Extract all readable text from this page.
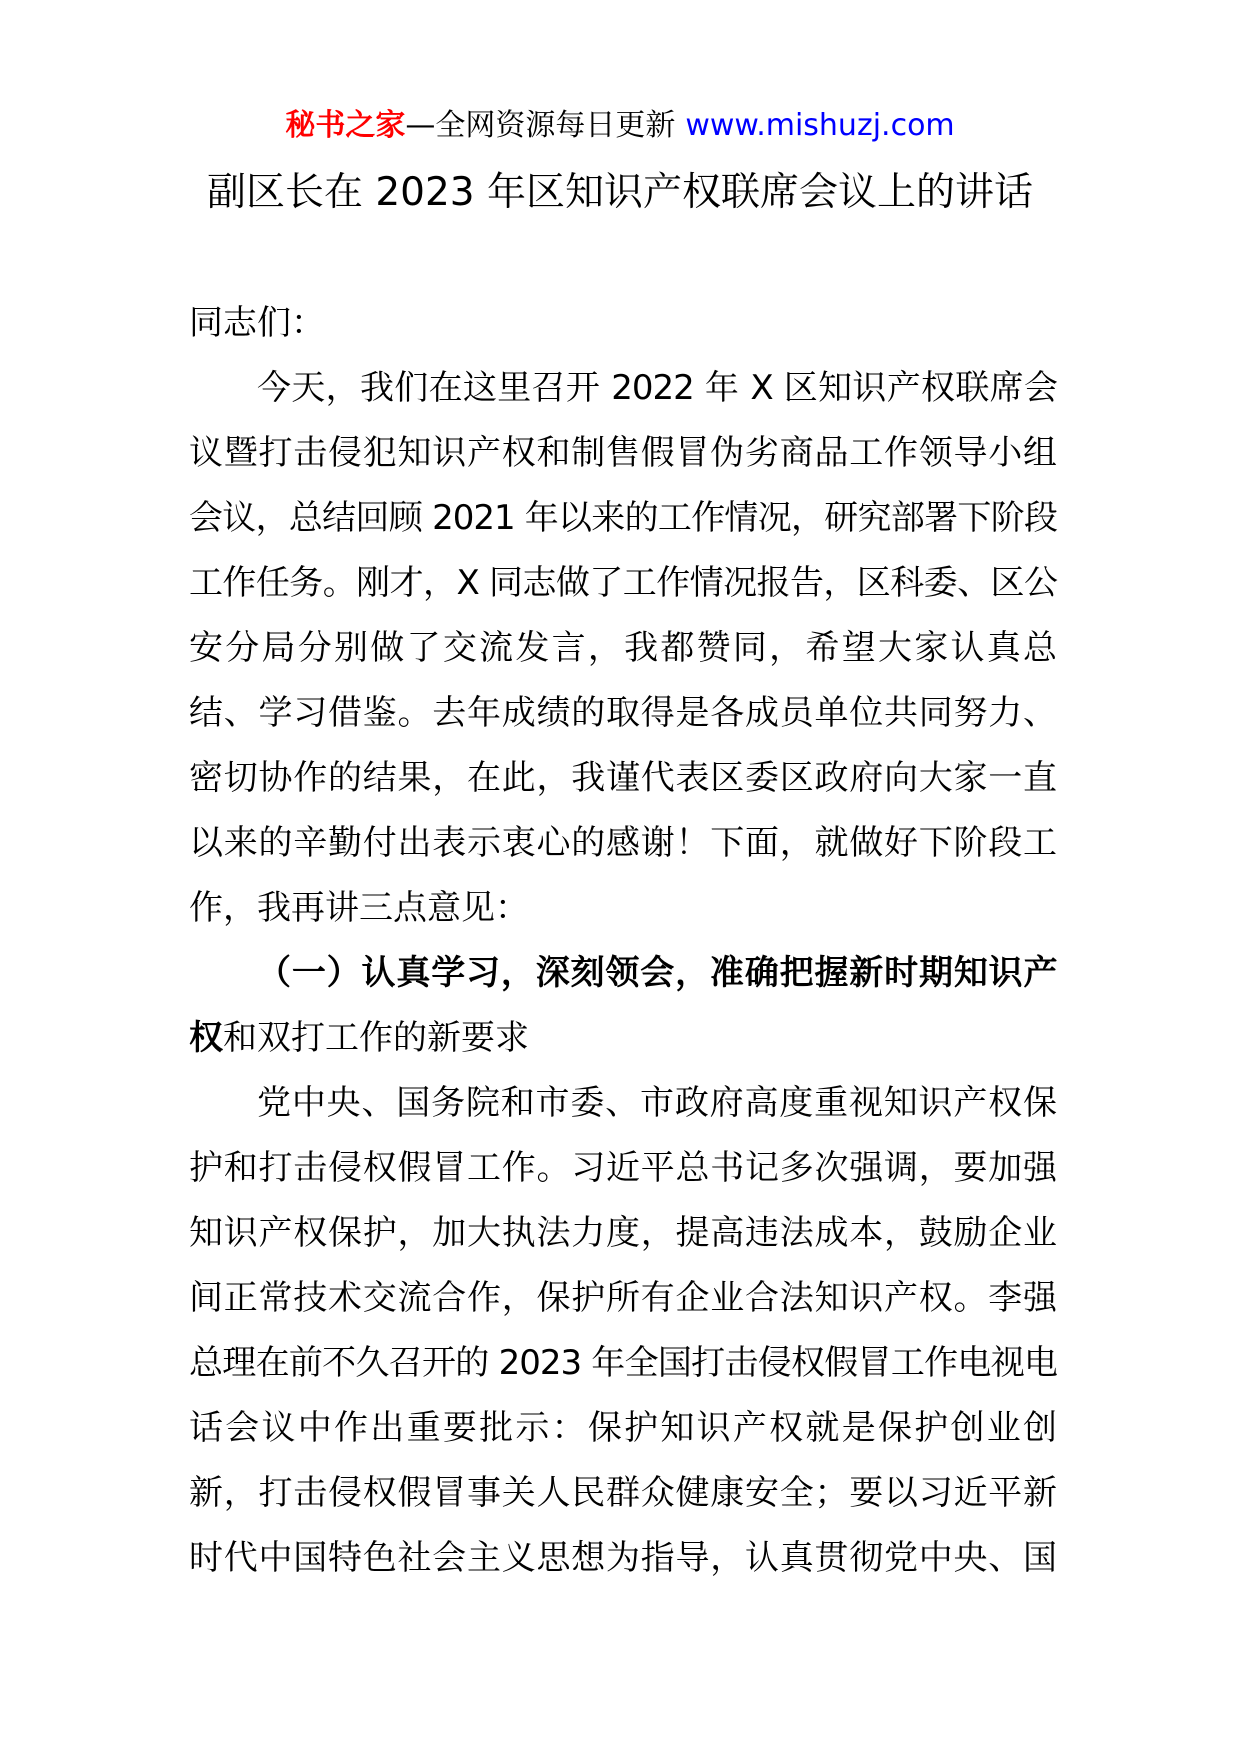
秘书之家—全网资源每日更新 www.mishuzj.com
副区长在 2023 年区知识产权联席会议上的讲话
同志们：
今天，我们在这里召开 2022 年 X 区知识产权联席会
议暨打击侵犯知识产权和制售假冒伪劣商品工作领导小组
会议，总结回顾 2021 年以来的工作情况，研究部署下阶段
工作任务。刚才，X 同志做了工作情况报告，区科委、区公
安分局分别做了交流发言，我都赞同，希望大家认真总
结、学习借鉴。去年成绩的取得是各成员单位共同努力、
密切协作的结果，在此，我谨代表区委区政府向大家一直
以来的辛勤付出表示衷心的感谢！下面，就做好下阶段工
作，我再讲三点意见：
（一）认真学习，深刻领会，准确把握新时期知识产
权和双打工作的新要求
党中央、国务院和市委、市政府高度重视知识产权保
护和打击侵权假冒工作。习近平总书记多次强调，要加强
知识产权保护，加大执法力度，提高违法成本，鼓励企业
间正常技术交流合作，保护所有企业合法知识产权。李强
总理在前不久召开的 2023 年全国打击侵权假冒工作电视电
话会议中作出重要批示：保护知识产权就是保护创业创
新，打击侵权假冒事关人民群众健康安全；要以习近平新
时代中国特色社会主义思想为指导，认真贯彻党中央、国
